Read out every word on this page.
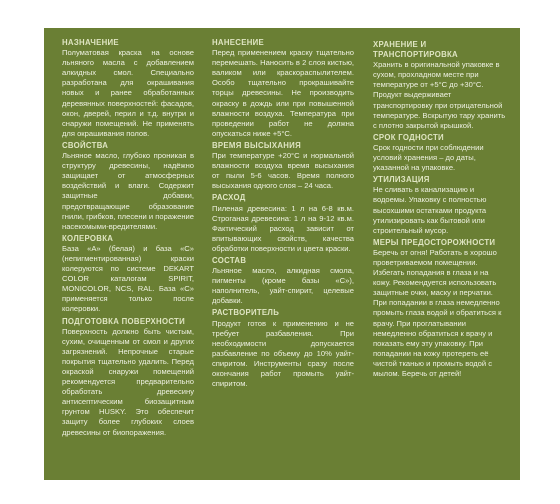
НАЗНАЧЕНИЕ
Полуматовая краска на основе льняного масла с добавлением алкидных смол. Специально разработана для окрашивания новых и ранее обработанных деревянных поверхностей: фасадов, окон, дверей, перил и т.д. внутри и снаружи помещений. Не применять для окрашивания полов.
СВОЙСТВА
Льняное масло, глубоко проникая в структуру древесины, надёжно защищает от атмосферных воздействий и влаги. Содержит защитные добавки, предотвращающие образование гнили, грибков, плесени и поражение насекомыми-вредителями.
КОЛЕРОВКА
База «А» (белая) и база «С» (непигментированная) краски колеруются по системе DEKART COLOR каталогам SPIRIT, MONICOLOR, NCS, RAL. База «С» применяется только после колеровки.
ПОДГОТОВКА ПОВЕРХНОСТИ
Поверхность должно быть чистым, сухим, очищенным от смол и других загрязнений. Непрочные старые покрытия тщательно удалить. Перед окраской снаружи помещений рекомендуется предварительно обработать древесину антисептическим биозащитным грунтом HUSKY. Это обеспечит защиту более глубоких слоев древесины от биопоражения.
НАНЕСЕНИЕ
Перед применением краску тщательно перемешать. Наносить в 2 слоя кистью, валиком или краскораспылителем. Особо тщательно прокрашивайте торцы древесины. Не производить окраску в дождь или при повышенной влажности воздуха. Температура при проведении работ не должна опускаться ниже +5°С.
ВРЕМЯ ВЫСЫХАНИЯ
При температуре +20°С и нормальной влажности воздуха время высыхания от пыли 5-6 часов. Время полного высыхания одного слоя – 24 часа.
РАСХОД
Пиленая древесина: 1 л на 6-8 кв.м. Строганая древесина: 1 л на 9-12 кв.м. Фактический расход зависит от впитывающих свойств, качества обработки поверхности и цвета краски.
СОСТАВ
Льняное масло, алкидная смола, пигменты (кроме базы «С»), наполнитель, уайт-спирит, целевые добавки.
РАСТВОРИТЕЛЬ
Продукт готов к применению и не требует разбавления. При необходимости допускается разбавление по объему до 10% уайт-спиритом. Инструменты сразу после окончания работ промыть уайт-спиритом.
ХРАНЕНИЕ И ТРАНСПОРТИРОВКА
Хранить в оригинальной упаковке в сухом, прохладном месте при температуре от +5°С до +30°С. Продукт выдерживает транспортировку при отрицательной температуре. Вскрытую тару хранить с плотно закрытой крышкой.
СРОК ГОДНОСТИ
Срок годности при соблюдении условий хранения – до даты, указанной на упаковке.
УТИЛИЗАЦИЯ
Не сливать в канализацию и водоемы. Упаковку с полностью высохшими остатками продукта утилизировать как бытовой или строительный мусор.
МЕРЫ ПРЕДОСТОРОЖНОСТИ
Беречь от огня! Работать в хорошо проветриваемом помещении. Избегать попадания в глаза и на кожу. Рекомендуется использовать защитные очки, маску и перчатки. При попадании в глаза немедленно промыть глаза водой и обратиться к врачу. При проглатывании немедленно обратиться к врачу и показать ему эту упаковку. При попадании на кожу протереть её чистой тканью и промыть водой с мылом. Беречь от детей!
